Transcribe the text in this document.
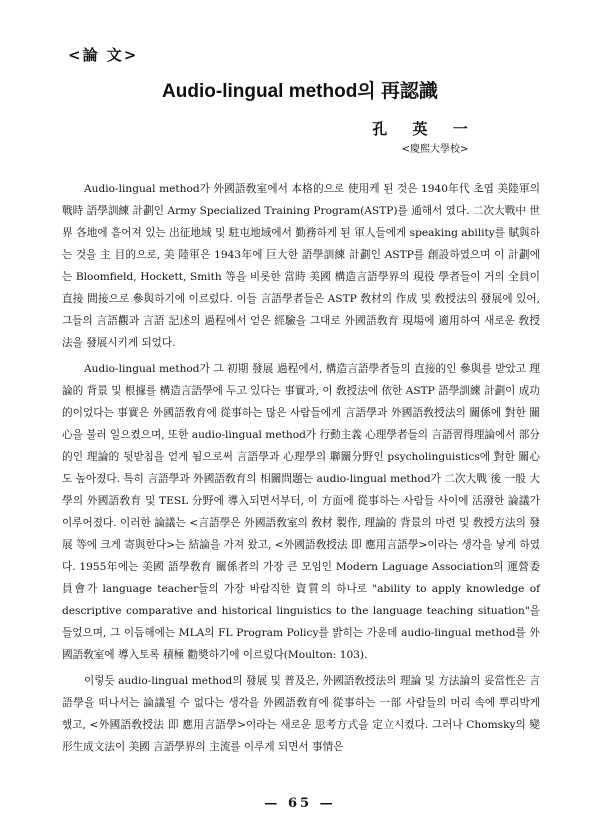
<論 文>
Audio-lingual method의 再認識
孔 英 一
<慶熙大學校>

Audio-lingual method가 外國語敎室에서 本格的으로 使用케 된 것은 1940年代 초엽 美陸軍의 戰時 語學訓練 計劃인 Army Specialized Training Program(ASTP)를 通해서 였다. 二次大戰中 世界 各地에 흩어져 있는 出征地域 및 駐屯地域에서 勤務하게 된 軍人들에게 speaking ability를 賦與하는 것을 主 目的으로, 美 陸軍은 1943年에 巨大한 語學訓練 計劃인 ASTP를 創設하였으며 이 計劃에는 Bloomfield, Hockett, Smith 等을 비롯한 當時 美國 構造言語學界의 現役 學者들이 거의 全員이 直接 間接으로 參與하기에 이르렀다. 이들 言語學者들은 ASTP 敎材의 作成 및 敎授法의 發展에 있어, 그들의 言語觀과 言語 記述의 過程에서 얻은 經驗을 그대로 外國語敎育 現場에 適用하여 새로운 敎授法을 發展시키게 되었다.

Audio-lingual method가 그 初期 發展 過程에서, 構造言語學者들의 直接的인 參與를 받았고 理論的 背景 및 根據를 構造言語學에 두고 있다는 事實과, 이 敎授法에 依한 ASTP 語學訓練 計劃이 成功的이었다는 事實은 外國語敎育에 從事하는 많은 사람들에게 言語學과 外國語敎授法의 關係에 對한 關心을 불러 일으켰으며, 또한 audio-lingual method가 行動主義 心理學者들의 言語習得理論에서 部分的인 理論的 뒷받침을 얻게 됨으로써 言語學과 心理學의 聯關分野인 psycholinguistics에 對한 關心도 높아졌다. 특히 言語學과 外國語敎育의 相關問題는 audio-lingual method가 二次大戰 後 一般 大學의 外國語敎育 및 TESL 分野에 導入되면서부터, 이 方面에 從事하는 사람들 사이에 活潑한 論議가 이루어졌다. 이러한 論議는 <言語學은 外國語敎室의 敎材 製作, 理論的 背景의 마련 및 敎授方法의 發展 等에 크게 寄與한다>는 結論을 가져 왔고, <外國語敎授法 即 應用言語學>이라는 생각을 낳게 하였다. 1955年에는 美國 語學敎育 關係者의 가장 큰 모임인 Modern Laguage Association의 運營委員會가 language teacher들의 가장 바람직한 資質의 하나로 "ability to apply knowledge of descriptive comparative and historical linguistics to the language teaching situation"을 들었으며, 그 이듬해에는 MLA의 FL Program Policy를 밝히는 가운데 audio-lingual method를 外國語敎室에 導入토록 積極 勸奬하기에 이르렀다(Moulton: 103).

이렇듯 audio-lingual method의 發展 및 普及은, 外國語敎授法의 理論 및 方法論의 妥當性은 言語學을 떠나서는 論議될 수 없다는 생각을 外國語敎育에 從事하는 一部 사람들의 머리 속에 뿌리박게 했고, <外國語敎授法 即 應用言語學>이라는 새로운 思考方式을 定立시켰다. 그러나 Chomsky의 變形生成文法이 美國 言語學界의 主流를 이루게 되면서 事情은

— 65 —
